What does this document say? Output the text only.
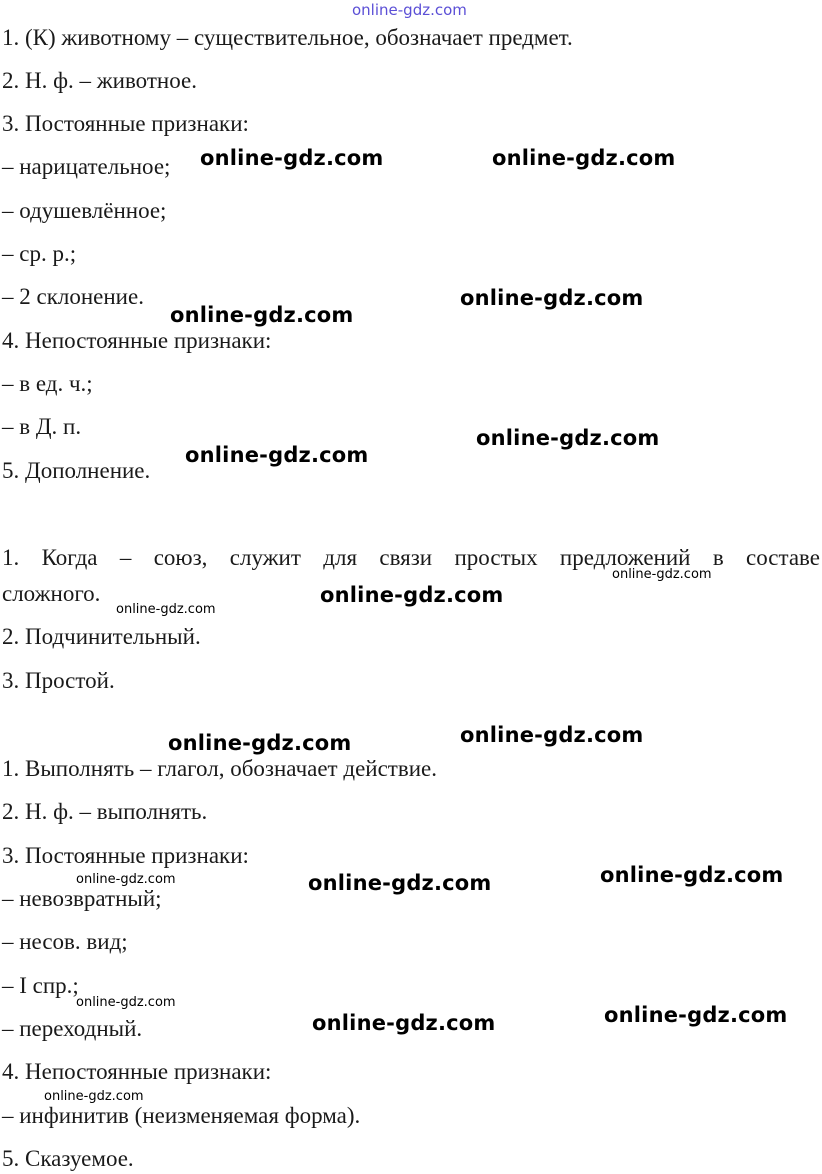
1. (К) животному – существительное, обозначает предмет.
2. Н. ф. – животное.
3. Постоянные признаки:
– нарицательное;
– одушевлённое;
– ср. р.;
– 2 склонение.
4. Непостоянные признаки:
– в ед. ч.;
– в Д. п.
5. Дополнение.
1. Когда – союз, служит для связи простых предложений в составе
сложного.
2. Подчинительный.
3. Простой.
1. Выполнять – глагол, обозначает действие.
2. Н. ф. – выполнять.
3. Постоянные признаки:
– невозвратный;
– несов. вид;
– I спр.;
– переходный.
4. Непостоянные признаки:
– инфинитив (неизменяемая форма).
5. Сказуемое.
online-gdz.com
online-gdz.com	online-gdz.com
online-gdz.com
online-gdz.com
online-gdz.com
online-gdz.com
online-gdz.com
online-gdz.com
online-gdz.com
online-gdz.com
online-gdz.com
online-gdz.com
online-gdz.com	online-gdz.com
online-gdz.com
online-gdz.com
online-gdz.com
online-gdz.com
